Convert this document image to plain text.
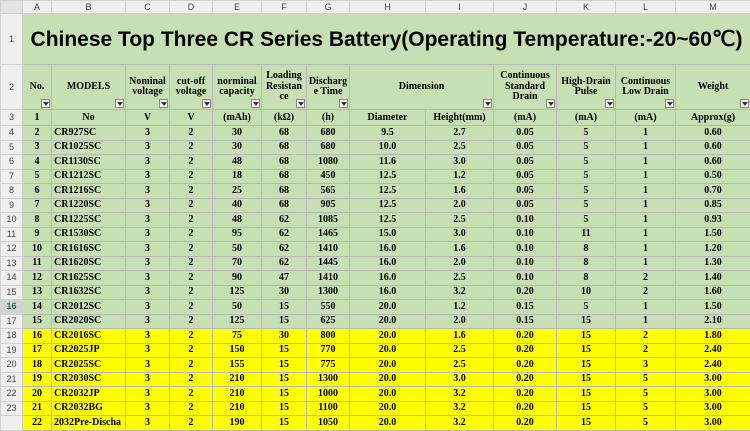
	A	B	C	D	E	F	G	H	I	J	K	L	M
1	Chinese Top Three CR Series Battery(Operating Temperature:-20~60℃)												
2	No.	MODELS	Nominal voltage	cut-off voltage	norminal capacity	Loading Resistan ce	Discharg e Time	Dimension		Continuous Standard Drain	High-Drain Pulse	Continuous Low Drain	Weight

3	1	No	V	V	(mAh)	(kΩ)	(h)	Diameter	Height(mm)	(mA)	(mA)	(mA)	Approx(g)
4	2	CR927SC	3	2	30	68	680	9.5	2.7	0.05	5	1	0.60
5	3	CR1025SC	3	2	30	68	680	10.0	2.5	0.05	5	1	0.60
6	4	CR1130SC	3	2	48	68	1080	11.6	3.0	0.05	5	1	0.60
7	5	CR1212SC	3	2	18	68	450	12.5	1.2	0.05	5	1	0.50
8	6	CR1216SC	3	2	25	68	565	12.5	1.6	0.05	5	1	0.70
9	7	CR1220SC	3	2	40	68	905	12.5	2.0	0.05	5	1	0.85
10	8	CR1225SC	3	2	48	62	1085	12.5	2.5	0.10	5	1	0.93
11	9	CR1530SC	3	2	95	62	1465	15.0	3.0	0.10	11	1	1.50
12	10	CR1616SC	3	2	50	62	1410	16.0	1.6	0.10	8	1	1.20
13	11	CR1620SC	3	2	70	62	1445	16.0	2.0	0.10	8	1	1.30
14	12	CR1625SC	3	2	90	47	1410	16.0	2.5	0.10	8	2	1.40
15	13	CR1632SC	3	2	125	30	1300	16.0	3.2	0.20	10	2	1.60
16	14	CR2012SC	3	2	50	15	550	20.0	1.2	0.15	5	1	1.50
17	15	CR2020SC	3	2	125	15	625	20.0	2.0	0.15	15	1	2.10
18	16	CR2016SC	3	2	75	30	800	20.0	1.6	0.20	15	2	1.80
19	17	CR2025JP	3	2	150	15	770	20.0	2.5	0.20	15	2	2.40
20	18	CR2025SC	3	2	155	15	775	20.0	2.5	0.20	15	3	2.40
21	19	CR2030SC	3	2	210	15	1300	20.0	3.0	0.20	15	5	3.00
22	20	CR2032JP	3	2	210	15	1000	20.0	3.2	0.20	15	5	3.00
23	21	CR2032BG	3	2	210	15	1100	20.0	3.2	0.20	15	5	3.00
	22	2032Pre-Discha	3	2	190	15	1050	20.0	3.2	0.20	15	5	3.00
